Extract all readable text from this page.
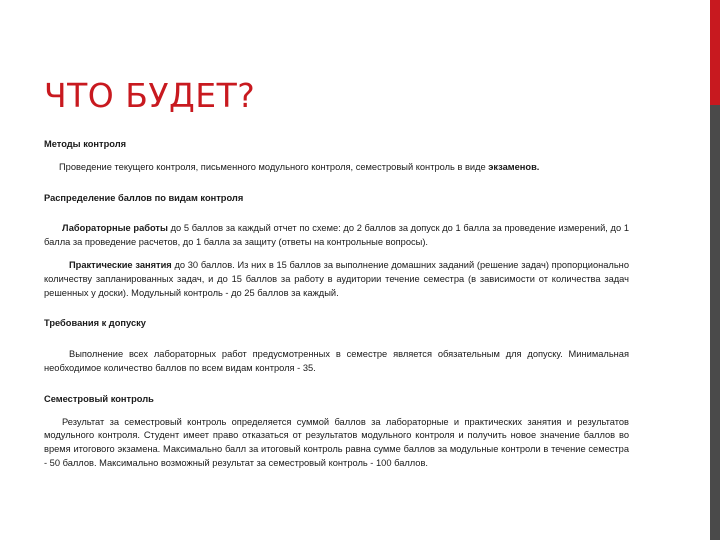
ЧТО БУДЕТ?

Методы контроля

Проведение текущего контроля, письменного модульного контроля, семестровый контроль в виде экзаменов.

Распределение баллов по видам контроля

Лабораторные работы до 5 баллов за каждый отчет по схеме: до 2 баллов за допуск до 1 балла за проведение измерений, до 1 балла за проведение расчетов, до 1 балла за защиту (ответы на контрольные вопросы).

Практические занятия до 30 баллов. Из них в 15 баллов за выполнение домашних заданий (решение задач) пропорционально количеству запланированных задач, и до 15 баллов за работу в аудитории течение семестра (в зависимости от количества задач решенных у доски). Модульный контроль - до 25 баллов за каждый.

Требования к допуску

Выполнение всех лабораторных работ предусмотренных в семестре является обязательным для допуску. Минимальная необходимое количество баллов по всем видам контроля - 35.

Семестровый контроль

Результат за семестровый контроль определяется суммой баллов за лабораторные и практических занятия и результатов модульного контроля. Студент имеет право отказаться от результатов модульного контроля и получить новое значение баллов во время итогового экзамена. Максимально балл за итоговый контроль равна сумме баллов за модульные контроли в течение семестра - 50 баллов. Максимально возможный результат за семестровый контроль - 100 баллов.
